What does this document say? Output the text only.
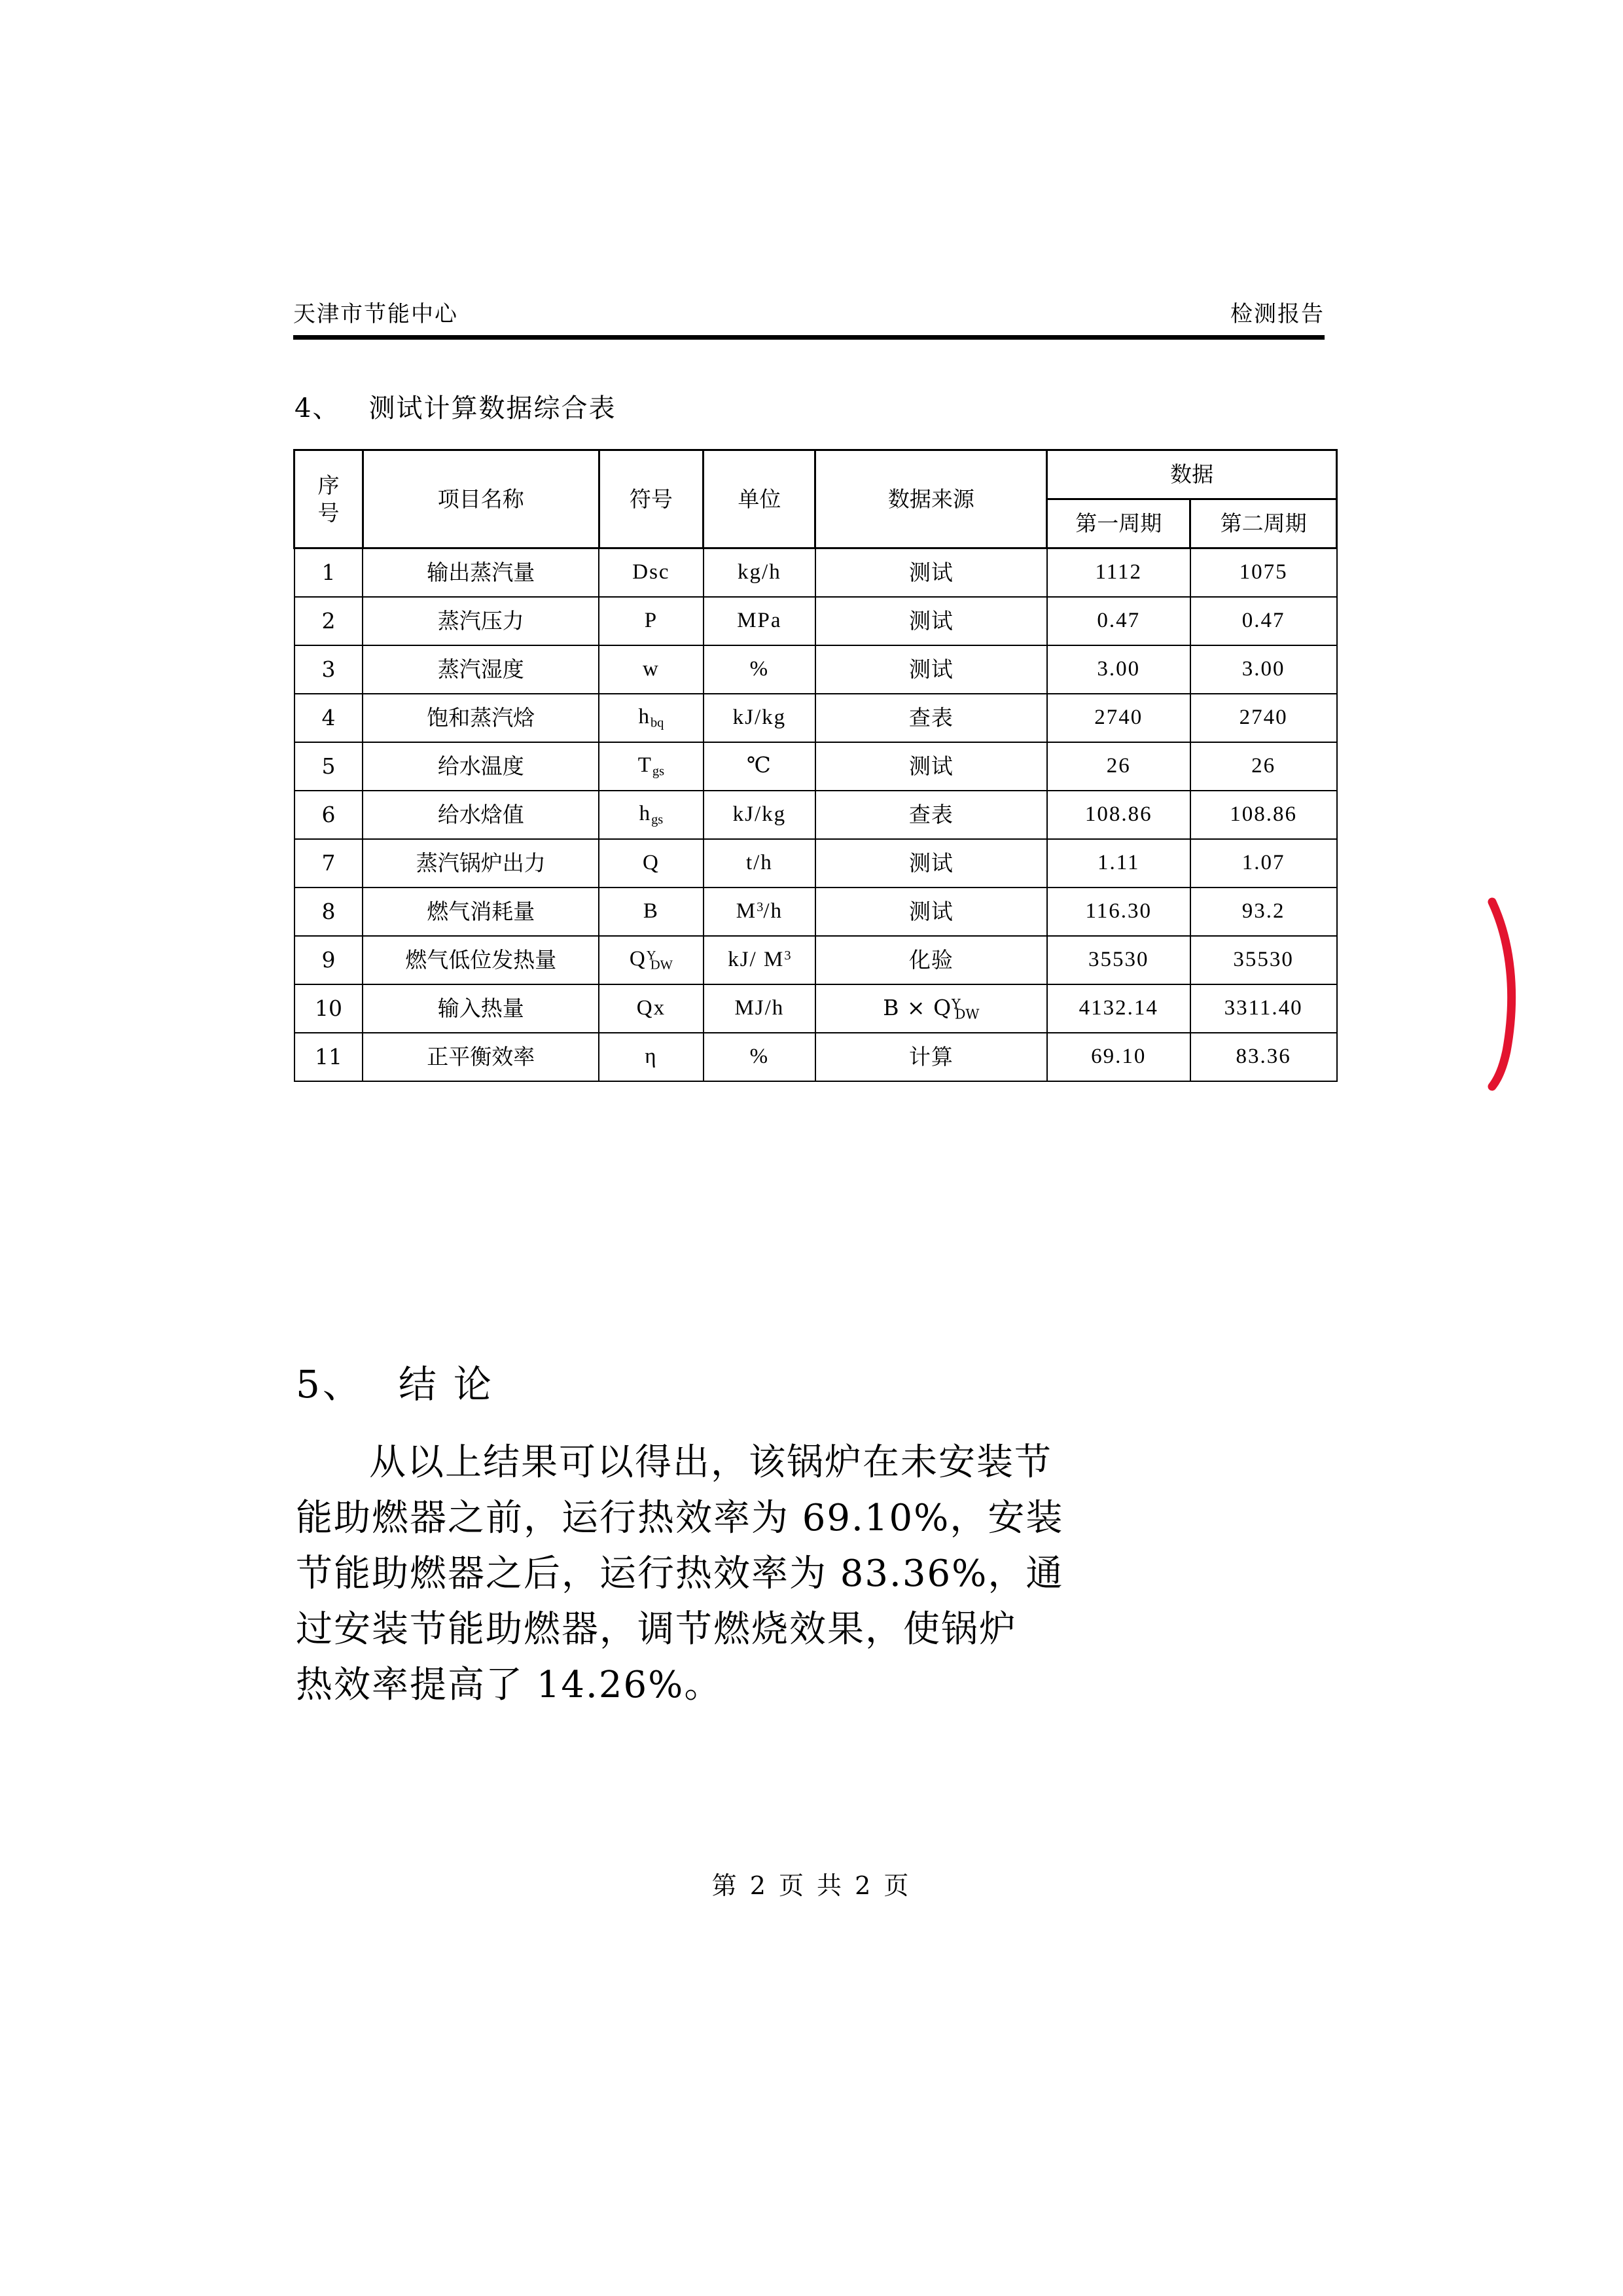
天津市节能中心	检测报告
4、 测试计算数据综合表
序
号	项目名称	符号	单位	数据来源	数据	
					第一周期	第二周期
1	输出蒸汽量	Dsc	kg/h	测试	1112	1075
2	蒸汽压力	P	MPa	测试	0.47	0.47
3	蒸汽湿度	w	%	测试	3.00	3.00
4	饱和蒸汽焓	$h_{bq}$	kJ/kg	查表	2740	2740
5	给水温度	$T_{gs}$	℃	测试	26	26
6	给水焓值	$h_{gs}$	kJ/kg	查表	108.86	108.86
7	蒸汽锅炉出力	Q	t/h	测试	1.11	1.07
8	燃气消耗量	B	$M^3/h$	测试	116.30	93.2
9	燃气低位发热量	$Q^Y_{DW}$	kJ/ $M^3$	化验	35530	35530
10	输入热量	Qx	MJ/h	$B \times Q^Y_{DW}$	4132.14	3311.40
11	正平衡效率	η	%	计算	69.10	83.36
5、 结 论
从以上结果可以得出，该锅炉在未安装节
能助燃器之前，运行热效率为 69.10%，安装
节能助燃器之后，运行热效率为 83.36%，通
过安装节能助燃器，调节燃烧效果，使锅炉
热效率提高了 14.26%。
第 2 页 共 2 页
